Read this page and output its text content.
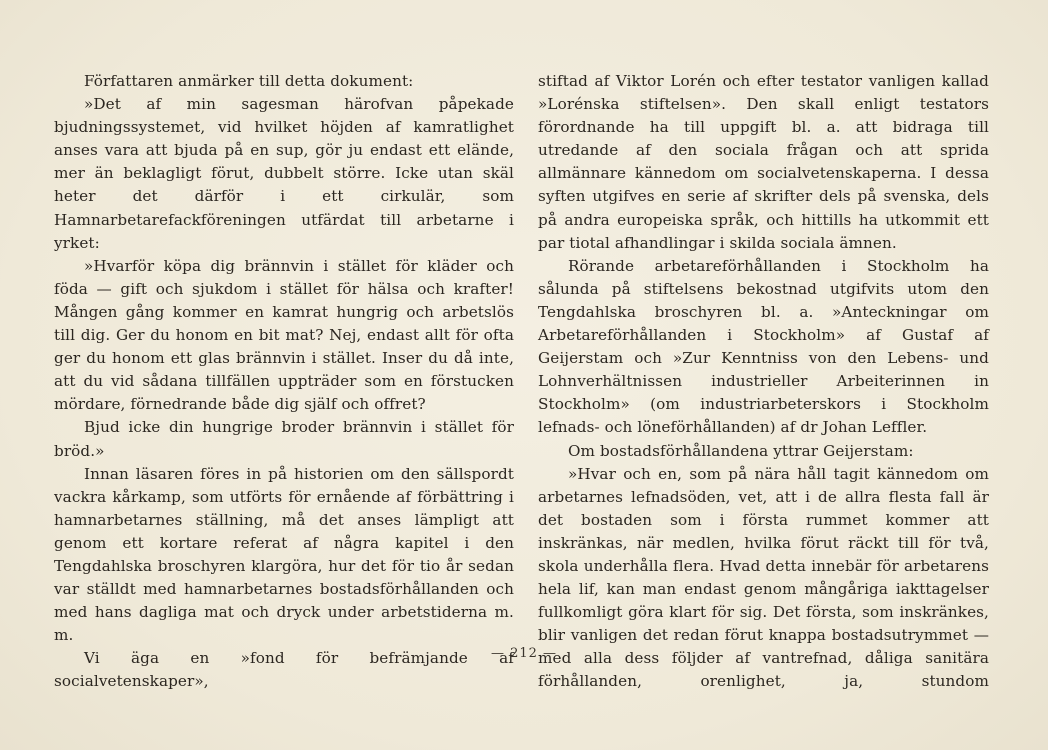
Författaren anmärker till detta dokument:

»Det af min sagesman härofvan påpekade bjudningssystemet, vid hvilket höjden af kamratlighet anses vara att bjuda på en sup, gör ju endast ett elände, mer än beklagligt förut, dubbelt större. Icke utan skäl heter det därför i ett cirkulär, som Hamnarbetarefackföreningen utfärdat till arbetarne i yrket:

»Hvarför köpa dig brännvin i stället för kläder och föda — gift och sjukdom i stället för hälsa och krafter! Mången gång kommer en kamrat hungrig och arbetslös till dig. Ger du honom en bit mat? Nej, endast allt för ofta ger du honom ett glas brännvin i stället. Inser du då inte, att du vid sådana tillfällen uppträder som en förstucken mördare, förnedrande både dig själf och offret?

Bjud icke din hungrige broder brännvin i stället för bröd.»

Innan läsaren föres in på historien om den sällspordt vackra kårkamp, som utförts för ernående af förbättring i hamnarbetarnes ställning, må det anses lämpligt att genom ett kortare referat af några kapitel i den Tengdahlska broschyren klargöra, hur det för tio år sedan var ställdt med hamnarbetarnes bostadsförhållanden och med hans dagliga mat och dryck under arbetstiderna m. m.

Vi äga en »fond för befrämjande af socialvetenskaper»,

stiftad af Viktor Lorén och efter testator vanligen kallad »Lorénska stiftelsen». Den skall enligt testators förordnande ha till uppgift bl. a. att bidraga till utredande af den sociala frågan och att sprida allmännare kännedom om socialvetenskaperna. I dessa syften utgifves en serie af skrifter dels på svenska, dels på andra europeiska språk, och hittills ha utkommit ett par tiotal afhandlingar i skilda sociala ämnen.

Rörande arbetareförhållanden i Stockholm ha sålunda på stiftelsens bekostnad utgifvits utom den Tengdahlska broschyren bl. a. »Anteckningar om Arbetareförhållanden i Stockholm» af Gustaf af Geijerstam och »Zur Kenntniss von den Lebens- und Lohnverhältnissen industrieller Arbeiterinnen in Stockholm» (om industriarbeterskors i Stockholm lefnads- och löneförhållanden) af dr Johan Leffler.

Om bostadsförhållandena yttrar Geijerstam:

»Hvar och en, som på nära håll tagit kännedom om arbetarnes lefnadsöden, vet, att i de allra flesta fall är det bostaden som i första rummet kommer att inskränkas, när medlen, hvilka förut räckt till för två, skola underhålla flera. Hvad detta innebär för arbetarens hela lif, kan man endast genom mångåriga iakttagelser fullkomligt göra klart för sig. Det första, som inskränkes, blir vanligen det redan förut knappa bostadsutrymmet — med alla dess följder af vantrefnad, dåliga sanitära förhållanden, orenlighet, ja, stundom

— 212 —
